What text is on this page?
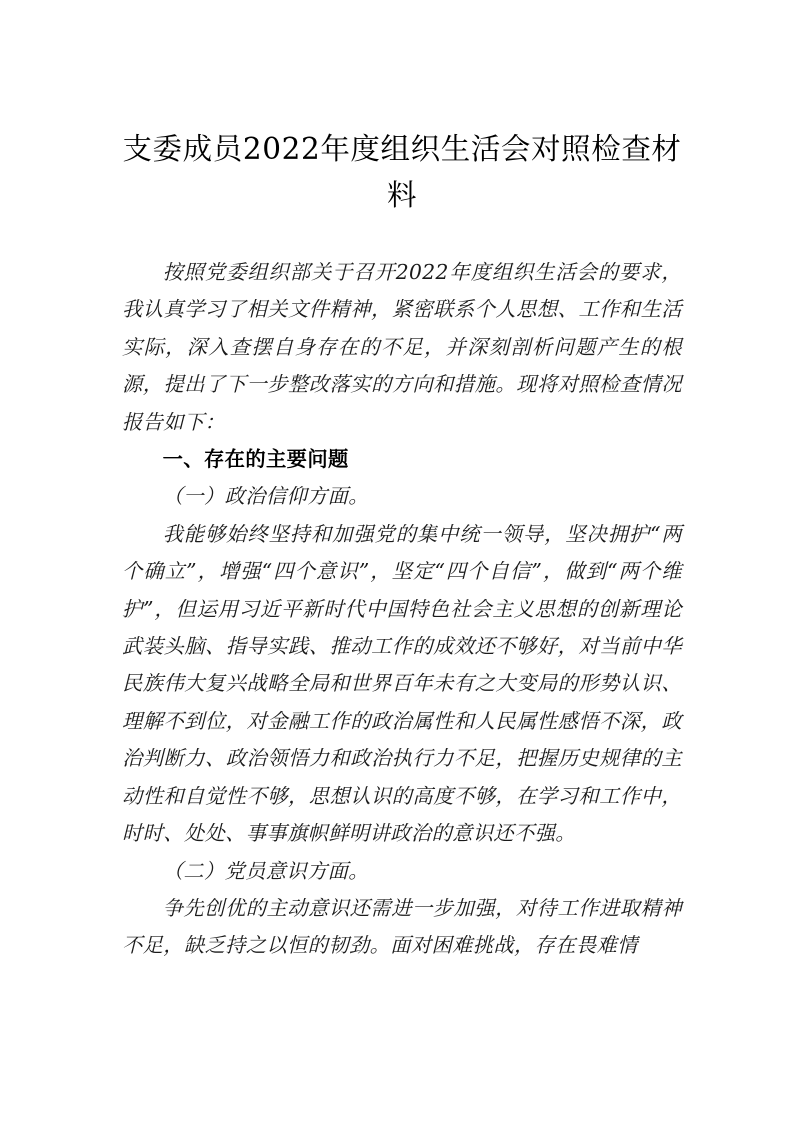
支委成员2022年度组织生活会对照检查材料

按照党委组织部关于召开2022年度组织生活会的要求，我认真学习了相关文件精神，紧密联系个人思想、工作和生活实际，深入查摆自身存在的不足，并深刻剖析问题产生的根源，提出了下一步整改落实的方向和措施。现将对照检查情况报告如下：

一、存在的主要问题

（一）政治信仰方面。

我能够始终坚持和加强党的集中统一领导，坚决拥护“两个确立”，增强“四个意识”，坚定“四个自信”，做到“两个维护”，但运用习近平新时代中国特色社会主义思想的创新理论武装头脑、指导实践、推动工作的成效还不够好，对当前中华民族伟大复兴战略全局和世界百年未有之大变局的形势认识、理解不到位，对金融工作的政治属性和人民属性感悟不深，政治判断力、政治领悟力和政治执行力不足，把握历史规律的主动性和自觉性不够，思想认识的高度不够，在学习和工作中，时时、处处、事事旗帜鲜明讲政治的意识还不强。

（二）党员意识方面。

争先创优的主动意识还需进一步加强，对待工作进取精神不足，缺乏持之以恒的韧劲。面对困难挑战，存在畏难情
